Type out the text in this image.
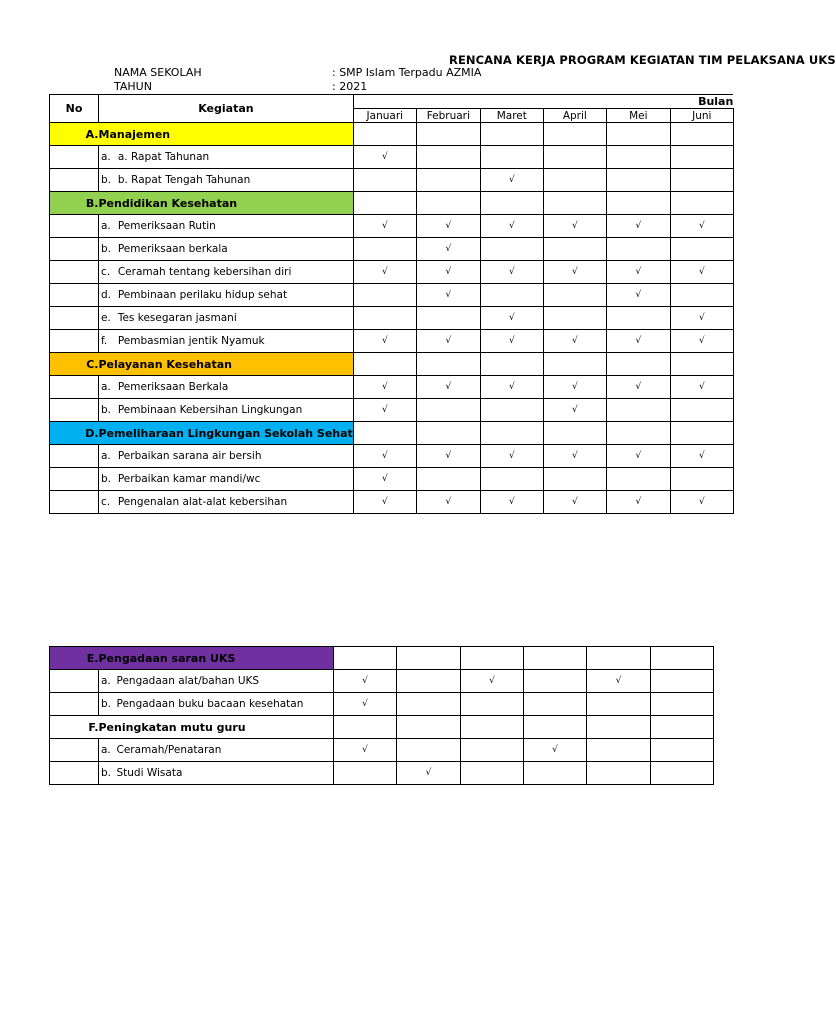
RENCANA KERJA PROGRAM KEGIATAN TIM PELAKSANA UKS
NAMA SEKOLAH	: SMP Islam Terpadu AZMIA
TAHUN	: 2021
No	Kegiatan		Bulan					
			Januari	Februari	Maret	April	Mei	Juni
A.	Manajemen							
	a.	a. Rapat Tahunan	√					
	b.	b. Rapat Tengah Tahunan			√			
B.	Pendidikan Kesehatan							
	a.	Pemeriksaan Rutin	√	√	√	√	√	√
	b.	Pemeriksaan berkala		√				
	c.	Ceramah tentang kebersihan diri	√	√	√	√	√	√
	d.	Pembinaan perilaku hidup sehat		√			√	
	e.	Tes kesegaran jasmani			√			√
	f.	Pembasmian jentik Nyamuk	√	√	√	√	√	√
C.	Pelayanan Kesehatan							
	a.	Pemeriksaan Berkala	√	√	√	√	√	√
	b.	Pembinaan Kebersihan Lingkungan	√			√		
D.	Pemeliharaan Lingkungan Sekolah Sehat							
	a.	Perbaikan sarana air bersih	√	√	√	√	√	√
	b.	Perbaikan kamar mandi/wc	√					
	c.	Pengenalan alat-alat kebersihan	√	√	√	√	√	√
E.	Pengadaan saran UKS							
	a.	Pengadaan alat/bahan UKS	√		√		√	
	b.	Pengadaan buku bacaan kesehatan	√					
F.	Peningkatan mutu guru							
	a.	Ceramah/Penataran	√			√		
	b.	Studi Wisata		√				
